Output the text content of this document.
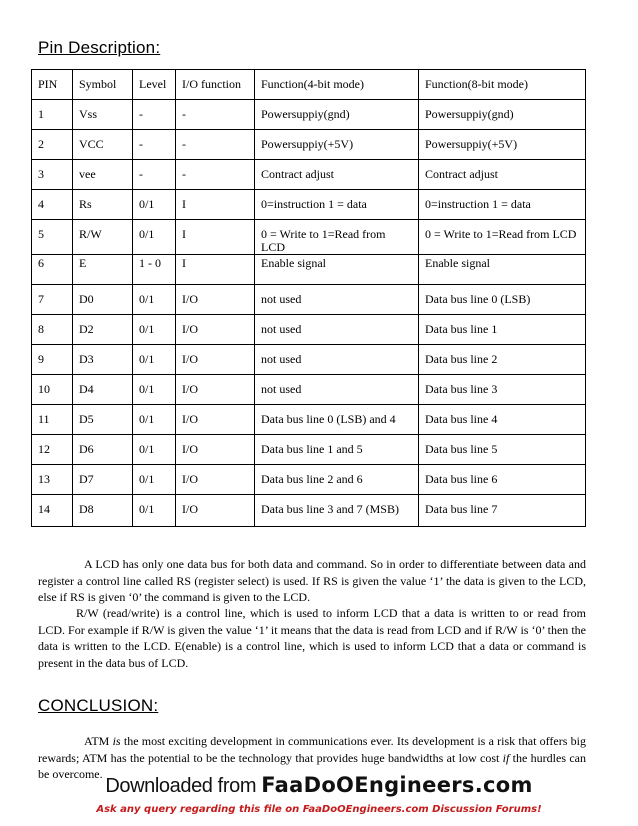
Pin Description:
PIN	Symbol	Level	I/O function	Function(4-bit mode)	Function(8-bit mode)
1	Vss	-	-	Powersuppiy(gnd)	Powersuppiy(gnd)
2	VCC	-	-	Powersuppiy(+5V)	Powersuppiy(+5V)
3	vee	-	-	Contract adjust	Contract adjust
4	Rs	0/1	I	0=instruction 1 = data	0=instruction 1 = data
5	R/W	0/1	I	0 = Write to 1=Read from LCD	0 = Write to 1=Read from LCD
6	E	1 - 0	I	Enable signal	Enable signal
7	D0	0/1	I/O	not used	Data bus line 0 (LSB)
8	D2	0/1	I/O	not used	Data bus line 1
9	D3	0/1	I/O	not used	Data bus line 2
10	D4	0/1	I/O	not used	Data bus line 3
11	D5	0/1	I/O	Data bus line 0 (LSB) and 4	Data bus line 4
12	D6	0/1	I/O	Data bus line 1 and 5	Data bus line 5
13	D7	0/1	I/O	Data bus line 2 and 6	Data bus line 6
14	D8	0/1	I/O	Data bus line 3 and 7 (MSB)	Data bus line 7

A LCD has only one data bus for both data and command. So in order to differentiate between data and register a control line called RS (register select) is used. If RS is given the value ‘1’ the data is given to the LCD, else if RS is given ‘0’ the command is given to the LCD.

R/W (read/write) is a control line, which is used to inform LCD that a data is written to or read from LCD. For example if R/W is given the value ‘1’ it means that the data is read from LCD and if R/W is ‘0’ then the data is written to the LCD. E(enable) is a control line, which is used to inform LCD that a data or command is present in the data bus of LCD.

CONCLUSION:

ATM is the most exciting development in communications ever. Its development is a risk that offers big rewards; ATM has the potential to be the technology that provides huge bandwidths at low cost if the hurdles can be overcome.

Downloaded from FaaDoOEngineers.com
Ask any query regarding this file on FaaDoOEngineers.com Discussion Forums!
